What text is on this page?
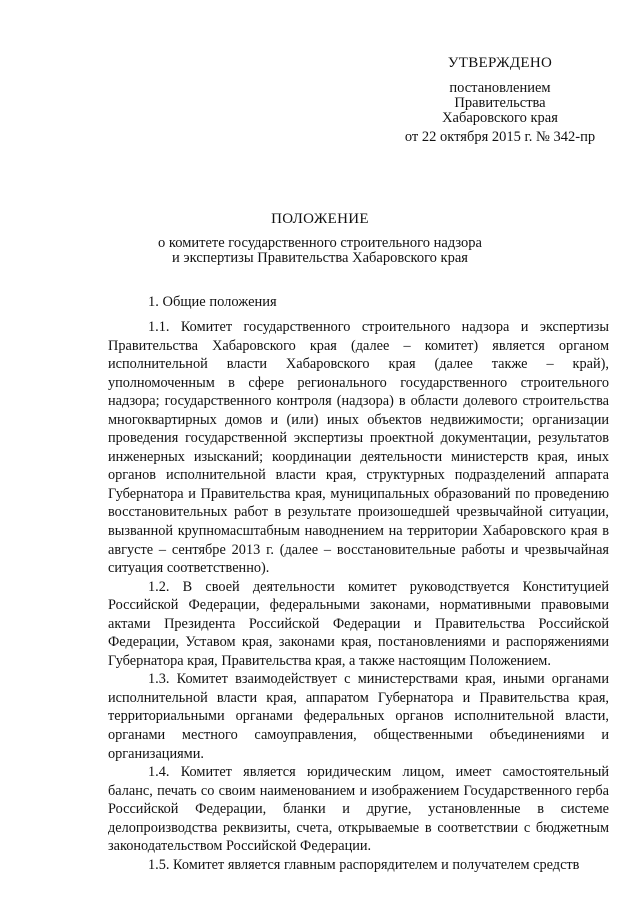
УТВЕРЖДЕНО
постановлением
Правительства
Хабаровского края
от 22 октября 2015 г. № 342-пр
ПОЛОЖЕНИЕ
о комитете государственного строительного надзора
и экспертизы Правительства Хабаровского края
1. Общие положения

1.1. Комитет государственного строительного надзора и экспертизы Правительства Хабаровского края (далее – комитет) является органом исполнительной власти Хабаровского края (далее также – край), уполномоченным в сфере регионального государственного строительного надзора; государственного контроля (надзора) в области долевого строительства многоквартирных домов и (или) иных объектов недвижимости; организации проведения государственной экспертизы проектной документации, результатов инженерных изысканий; координации деятельности министерств края, иных органов исполнительной власти края, структурных подразделений аппарата Губернатора и Правительства края, муниципальных образований по проведению восстановительных работ в результате произошедшей чрезвычайной ситуации, вызванной крупномасштабным наводнением на территории Хабаровского края в августе – сентябре 2013 г. (далее – восстановительные работы и чрезвычайная ситуация соответственно).

1.2. В своей деятельности комитет руководствуется Конституцией Российской Федерации, федеральными законами, нормативными правовыми актами Президента Российской Федерации и Правительства Российской Федерации, Уставом края, законами края, постановлениями и распоряжениями Губернатора края, Правительства края, а также настоящим Положением.

1.3. Комитет взаимодействует с министерствами края, иными органами исполнительной власти края, аппаратом Губернатора и Правительства края, территориальными органами федеральных органов исполнительной власти, органами местного самоуправления, общественными объединениями и организациями.

1.4. Комитет является юридическим лицом, имеет самостоятельный баланс, печать со своим наименованием и изображением Государственного герба Российской Федерации, бланки и другие, установленные в системе делопроизводства реквизиты, счета, открываемые в соответствии с бюджетным законодательством Российской Федерации.

1.5. Комитет является главным распорядителем и получателем средств
